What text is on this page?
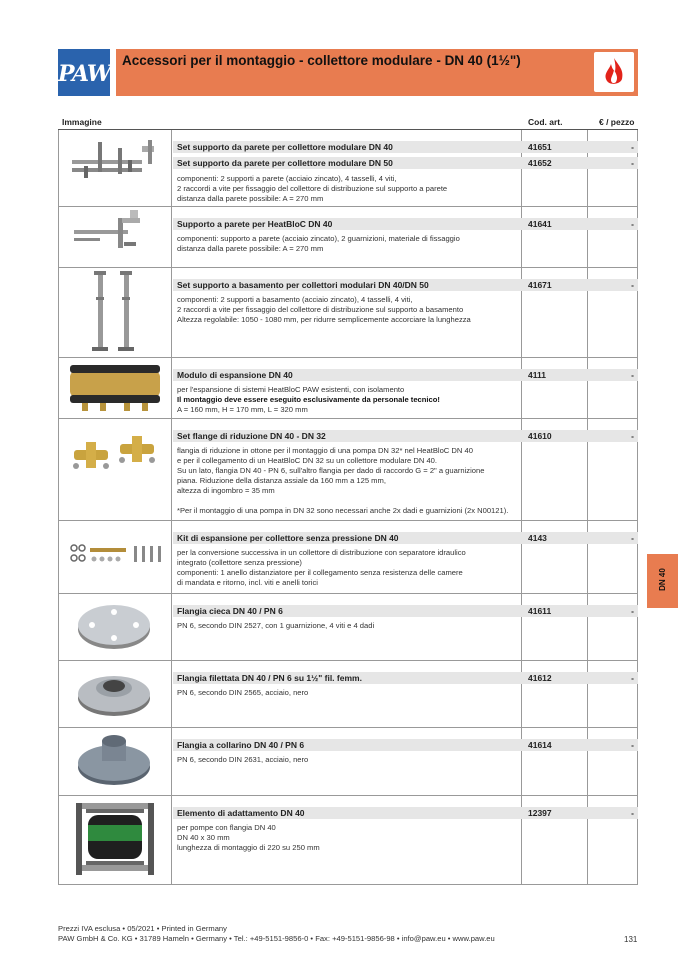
PAW
Accessori per il montaggio - collettore modulare - DN 40 (1½")
Immagine	Cod. art.	€ / pezzo
Set supporto da parete per collettore modulare DN 40	41651	-
Set supporto da parete per collettore modulare DN 50	41652	-
componenti: 2 supporti a parete (acciaio zincato), 4 tasselli, 4 viti,
2 raccordi a vite per fissaggio del collettore di distribuzione sul supporto a parete
distanza dalla parete possibile: A = 270 mm
Supporto a parete per HeatBloC DN 40	41641	-
componenti: supporto a parete (acciaio zincato), 2 guarnizioni, materiale di fissaggio
distanza dalla parete possibile: A = 270 mm
Set supporto a basamento per collettori modulari DN 40/DN 50	41671	-
componenti: 2 supporti a basamento (acciaio zincato), 4 tasselli, 4 viti,
2 raccordi a vite per fissaggio del collettore di distribuzione sul supporto a basamento
Altezza regolabile: 1050 - 1080 mm, per ridurre semplicemente accorciare la lunghezza
Modulo di espansione DN 40	4111	-
per l'espansione di sistemi HeatBloC PAW esistenti, con isolamento
Il montaggio deve essere eseguito esclusivamente da personale tecnico!
A = 160 mm, H = 170 mm, L = 320 mm
Set flange di riduzione DN 40 - DN 32	41610	-
flangia di riduzione in ottone per il montaggio di una pompa DN 32* nel HeatBloC DN 40
e per il collegamento di un HeatBloC DN 32 su un collettore modulare DN 40.
Su un lato, flangia DN 40 - PN 6, sull'altro flangia per dado di raccordo G = 2" a guarnizione
piana. Riduzione della distanza assiale da 160 mm a 125 mm,
altezza di ingombro = 35 mm
*Per il montaggio di una pompa in DN 32 sono necessari anche 2x dadi e guarnizioni (2x N00121).
Kit di espansione per collettore senza pressione DN 40	4143	-
per la conversione successiva in un collettore di distribuzione con separatore idraulico
integrato (collettore senza pressione)
componenti: 1 anello distanziatore per il collegamento senza resistenza delle camere
di mandata e ritorno, incl. viti e anelli torici
Flangia cieca DN 40 / PN 6	41611	-
PN 6, secondo DIN 2527, con 1 guarnizione, 4 viti e 4 dadi
Flangia filettata DN 40 / PN 6 su 1½" fil. femm.	41612	-
PN 6, secondo DIN 2565, acciaio, nero
Flangia a collarino DN 40 / PN 6	41614	-
PN 6, secondo DIN 2631, acciaio, nero
Elemento di adattamento DN 40	12397	-
per pompe con flangia DN 40
DN 40 x 30 mm
lunghezza di montaggio di 220 su 250 mm
DN 40
Prezzi IVA esclusa • 05/2021 • Printed in Germany
PAW GmbH & Co. KG • 31789 Hameln • Germany • Tel.: +49-5151-9856-0 • Fax: +49-5151-9856-98 • info@paw.eu • www.paw.eu	131
